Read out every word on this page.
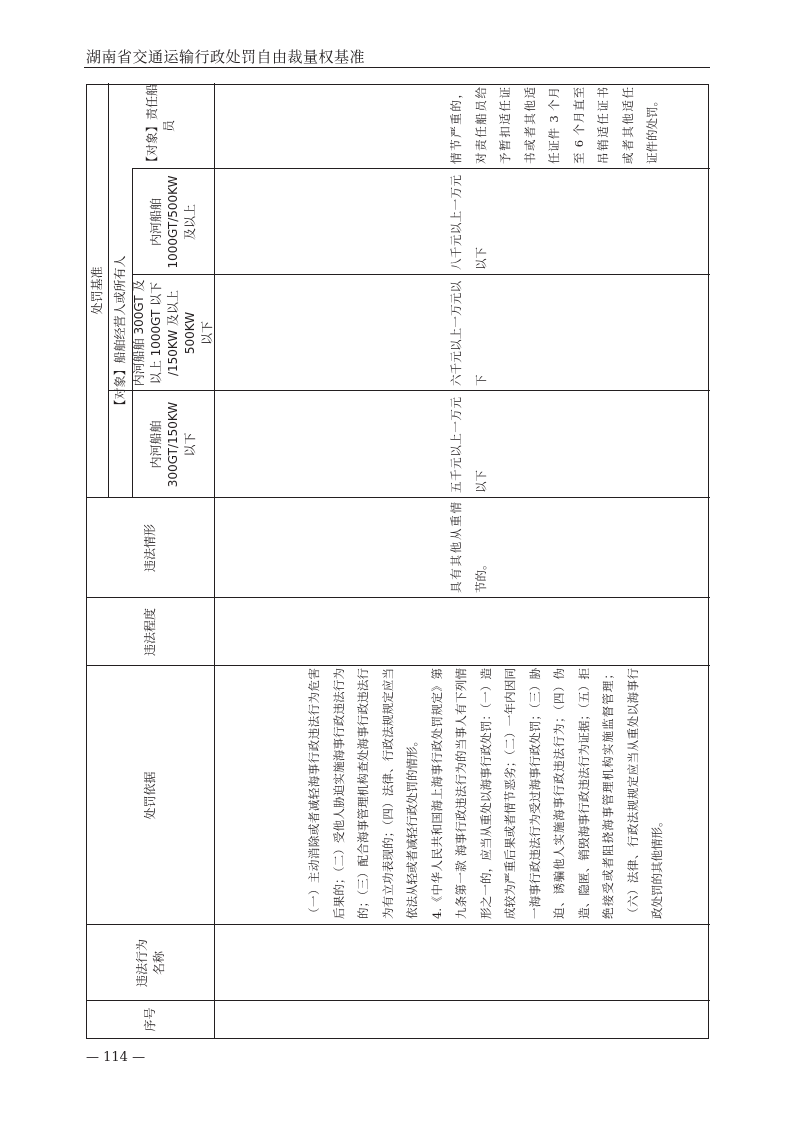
湖南省交通运输行政处罚自由裁量权基准
序号
违法行为 名称
处罚依据
违法程度
违法情形
处罚基准 【对象】船舶经营人或所有人
【对象】责任船员
内河船舶 300GT/150KW 以下
内河船舶 300GT 及 以上 1000GT 以下 /150KW 及以上 500KW 以下
内河船舶 1000GT/500KW 及以上

（一）主动消除或者减轻海事行政违法行为危害后果的；（二）受他人胁迫实施海事行政违法行为的；（三）配合海事管理机构查处海事行政违法行为有立功表现的；（四）法律、行政法规规定应当依法从轻或者减轻行政处罚的情形。 4.《中华人民共和国海上海事行政处罚规定》第九条第一款 海事行政违法行为的当事人有下列情形之一的，应当从重处以海事行政处罚：（一）造成较为严重后果或者情节恶劣；（二）一年内因同一海事行政违法行为受过海事行政处罚；（三）胁迫、诱骗他人实施海事行政违法行为；（四）伪造、隐匿、销毁海事行政违法行为证据；（五）拒绝接受或者阻挠海事管理机构实施监督管理；（六）法律、行政法规规定应当从重处以海事行政处罚的其他情形。

具有其他从重情节的。

五千元以上一万元以下

六千元以上一万元以下

八千元以上一万元以下

情节严重的，对责任船员给予暂扣适任证书或者其他适任证件 3 个月至 6 个月直至吊销适任证书或者其他适任证件的处罚。

— 114 —
